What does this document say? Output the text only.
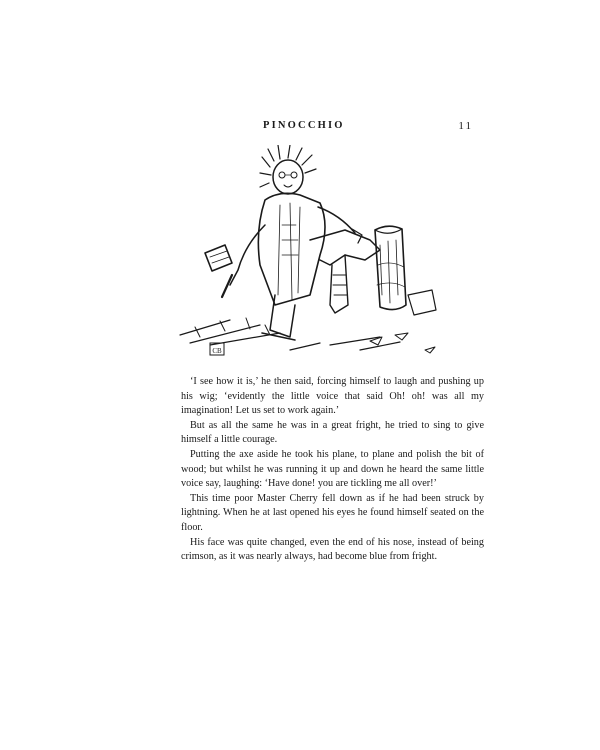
PINOCCHIO	11
CB

‘I see how it is,’ he then said, forcing himself to laugh and pushing up his wig; ‘evidently the little voice that said Oh! oh! was all my imagination! Let us set to work again.’

But as all the same he was in a great fright, he tried to sing to give himself a little courage.

Putting the axe aside he took his plane, to plane and polish the bit of wood; but whilst he was running it up and down he heard the same little voice say, laughing: ‘Have done! you are tickling me all over!’

This time poor Master Cherry fell down as if he had been struck by lightning. When he at last opened his eyes he found himself seated on the floor.

His face was quite changed, even the end of his nose, instead of being crimson, as it was nearly always, had become blue from fright.
